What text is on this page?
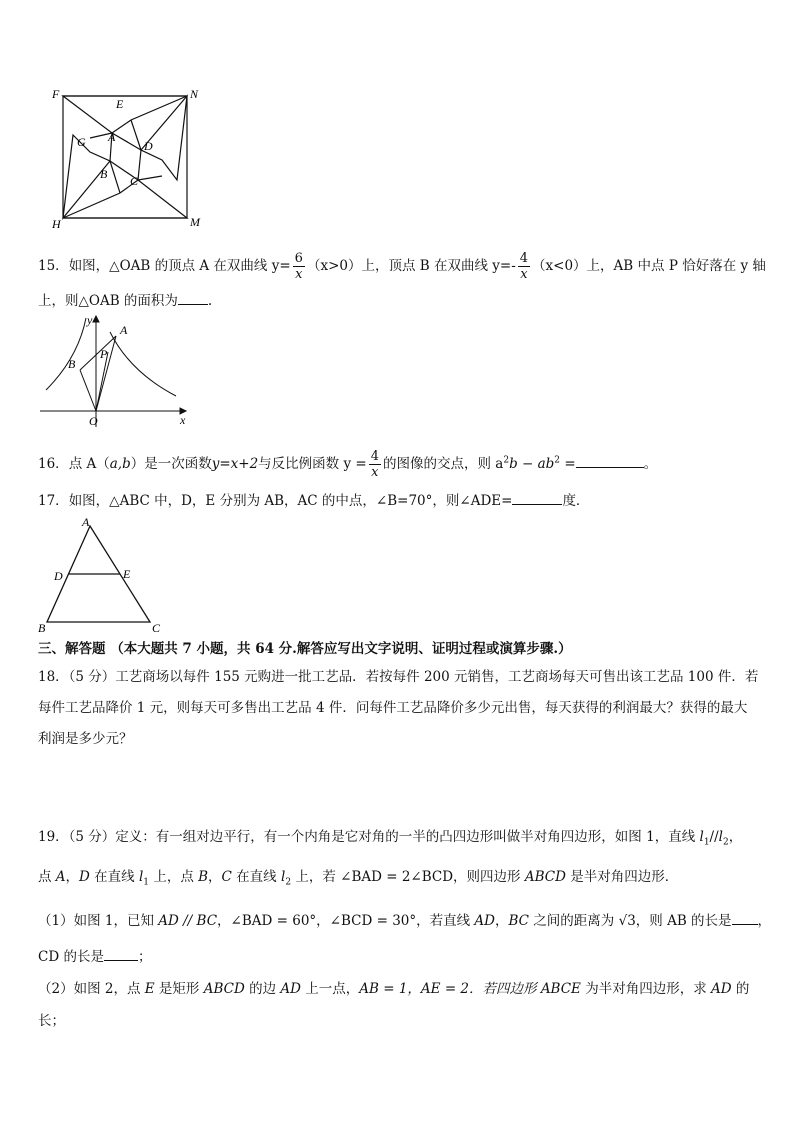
F	N
H	M
E
G A
D
B C
15．如图，△OAB 的顶点 A 在双曲线 $y= \frac{6}{x} (x>0)$上，顶点 B 在双曲线 $y=- \frac{4}{x} (x<0)$上，AB 中点 P 恰好落在 y 轴
上，则△OAB 的面积为 .
y
x
A
B
P
O
16．点 A（a,b）是一次函数y=x+2与反比例函数 $y = \frac{4}{x}$ 的图像的交点，则 $a^2b - ab^2$ =	。
17．如图，△ABC 中，D，E 分别为 AB，AC 的中点，∠B=70°，则∠ADE=	度．
A
D	E
B	C
三、解答题 （本大题共 7 小题，共 64 分.解答应写出文字说明、证明过程或演算步骤.）
18．（5 分）工艺商场以每件 155 元购进一批工艺品．若按每件 200 元销售，工艺商场每天可售出该工艺品 100 件．若
每件工艺品降价 1 元，则每天可多售出工艺品 4 件．问每件工艺品降价多少元出售，每天获得的利润最大？获得的最大
利润是多少元？
19．（5 分）定义：有一组对边平行，有一个内角是它对角的一半的凸四边形叫做半对角四边形，如图 1，直线 $l_1//l_2$，
点 A，D 在直线 $l_1$ 上，点 B，C 在直线 $l_2$ 上，若 ∠BAD = 2∠BCD，则四边形 ABCD 是半对角四边形．
（1）如图 1，已知 AD // BC，∠BAD = 60°，∠BCD = 30°，若直线 AD，BC 之间的距离为 √3，则 AB 的长是 ，
CD 的长是	；
（2）如图 2，点 E 是矩形 ABCD 的边 AD 上一点，AB = 1，AE = 2．若四边形 ABCE 为半对角四边形，求 AD 的
长；
